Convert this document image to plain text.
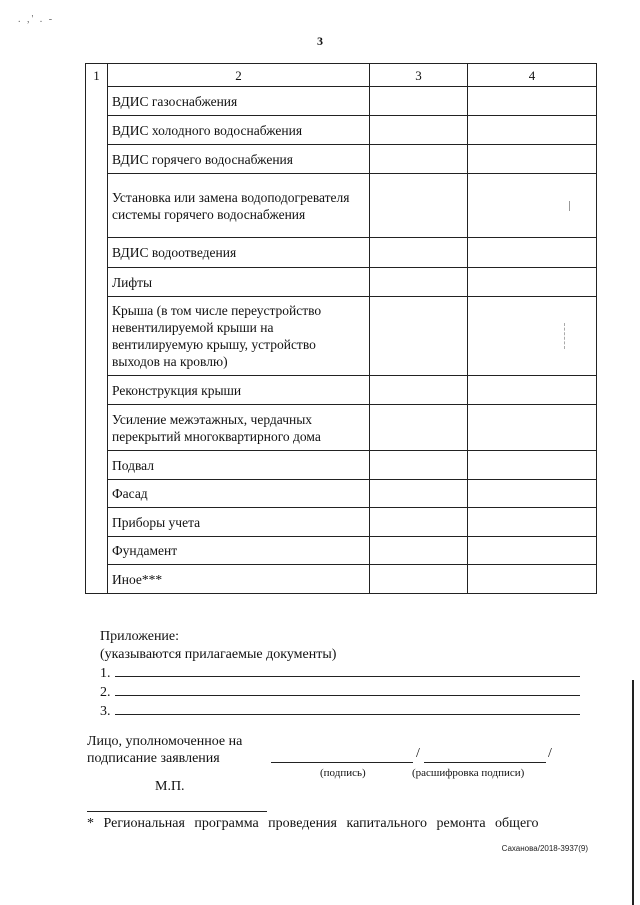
. ,' . -
3
1	2	3	4
	ВДИС газоснабжения		
	ВДИС холодного водоснабжения		
	ВДИС горячего водоснабжения		
	Установка или замена водоподогревателя системы горячего водоснабжения		

	ВДИС водоотведения		
	Лифты		
	Крыша (в том числе переустройство невентилируемой крыши на вентилируемую крышу, устройство выходов на кровлю)		

	Реконструкция крыши		
	Усиление межэтажных, чердачных перекрытий многоквартирного дома		
	Подвал		
	Фасад		
	Приборы учета		
	Фундамент		
	Иное***		
Приложение:
(указываются прилагаемые документы)
1.
2.
3.
Лицо, уполномоченное на
подписание заявления	/	/
(подпись)	(расшифровка подписи)
М.П.
* Региональная программа проведения капитального ремонта общего
Саханова/2018-3937(9)
